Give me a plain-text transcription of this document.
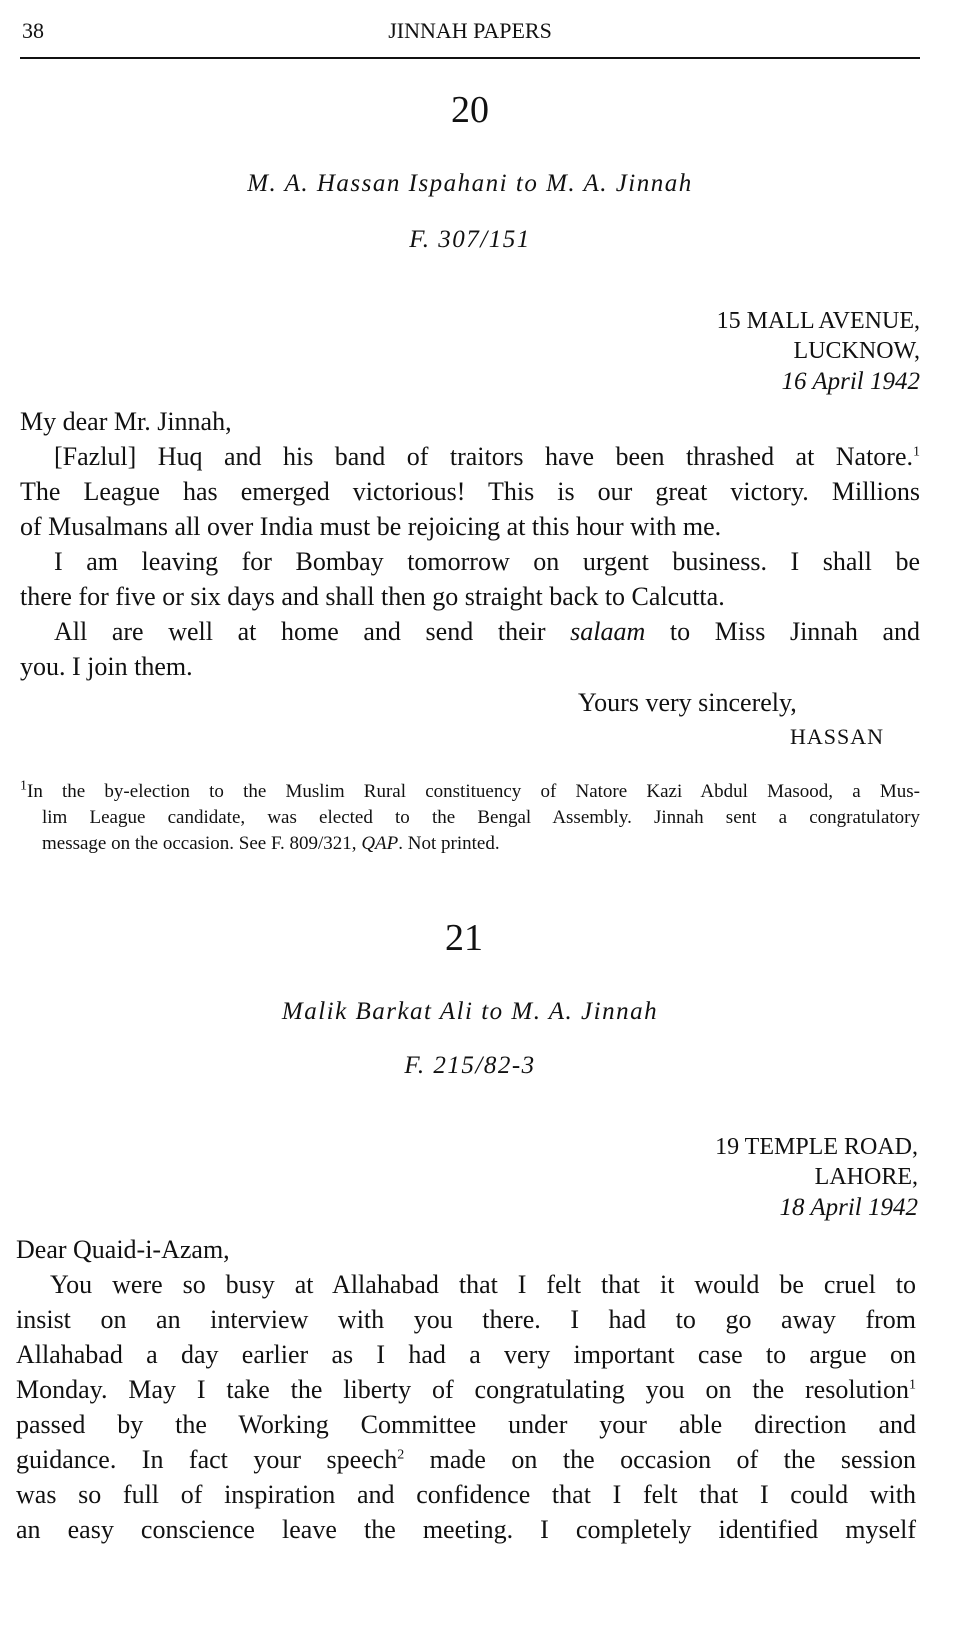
38	JINNAH PAPERS
20
M. A. Hassan Ispahani to M. A. Jinnah
F. 307/151
15 MALL AVENUE,
LUCKNOW,
16 April 1942

My dear Mr. Jinnah,

[Fazlul] Huq and his band of traitors have been thrashed at Natore.$^1$

The League has emerged victorious! This is our great victory. Millions

of Musalmans all over India must be rejoicing at this hour with me.

I am leaving for Bombay tomorrow on urgent business. I shall be

there for five or six days and shall then go straight back to Calcutta.

All are well at home and send their salaam to Miss Jinnah and

you. I join them.

Yours very sincerely,
HASSAN

$^1$In the by-election to the Muslim Rural constituency of Natore Kazi Abdul Masood, a Mus-

lim League candidate, was elected to the Bengal Assembly. Jinnah sent a congratulatory

message on the occasion. See F. 809/321, QAP. Not printed.

21
Malik Barkat Ali to M. A. Jinnah
F. 215/82-3
19 TEMPLE ROAD,
LAHORE,
18 April 1942

Dear Quaid-i-Azam,

You were so busy at Allahabad that I felt that it would be cruel to

insist on an interview with you there. I had to go away from

Allahabad a day earlier as I had a very important case to argue on

Monday. May I take the liberty of congratulating you on the resolution$^1$

passed by the Working Committee under your able direction and

guidance. In fact your speech$^2$ made on the occasion of the session

was so full of inspiration and confidence that I felt that I could with

an easy conscience leave the meeting. I completely identified myself
